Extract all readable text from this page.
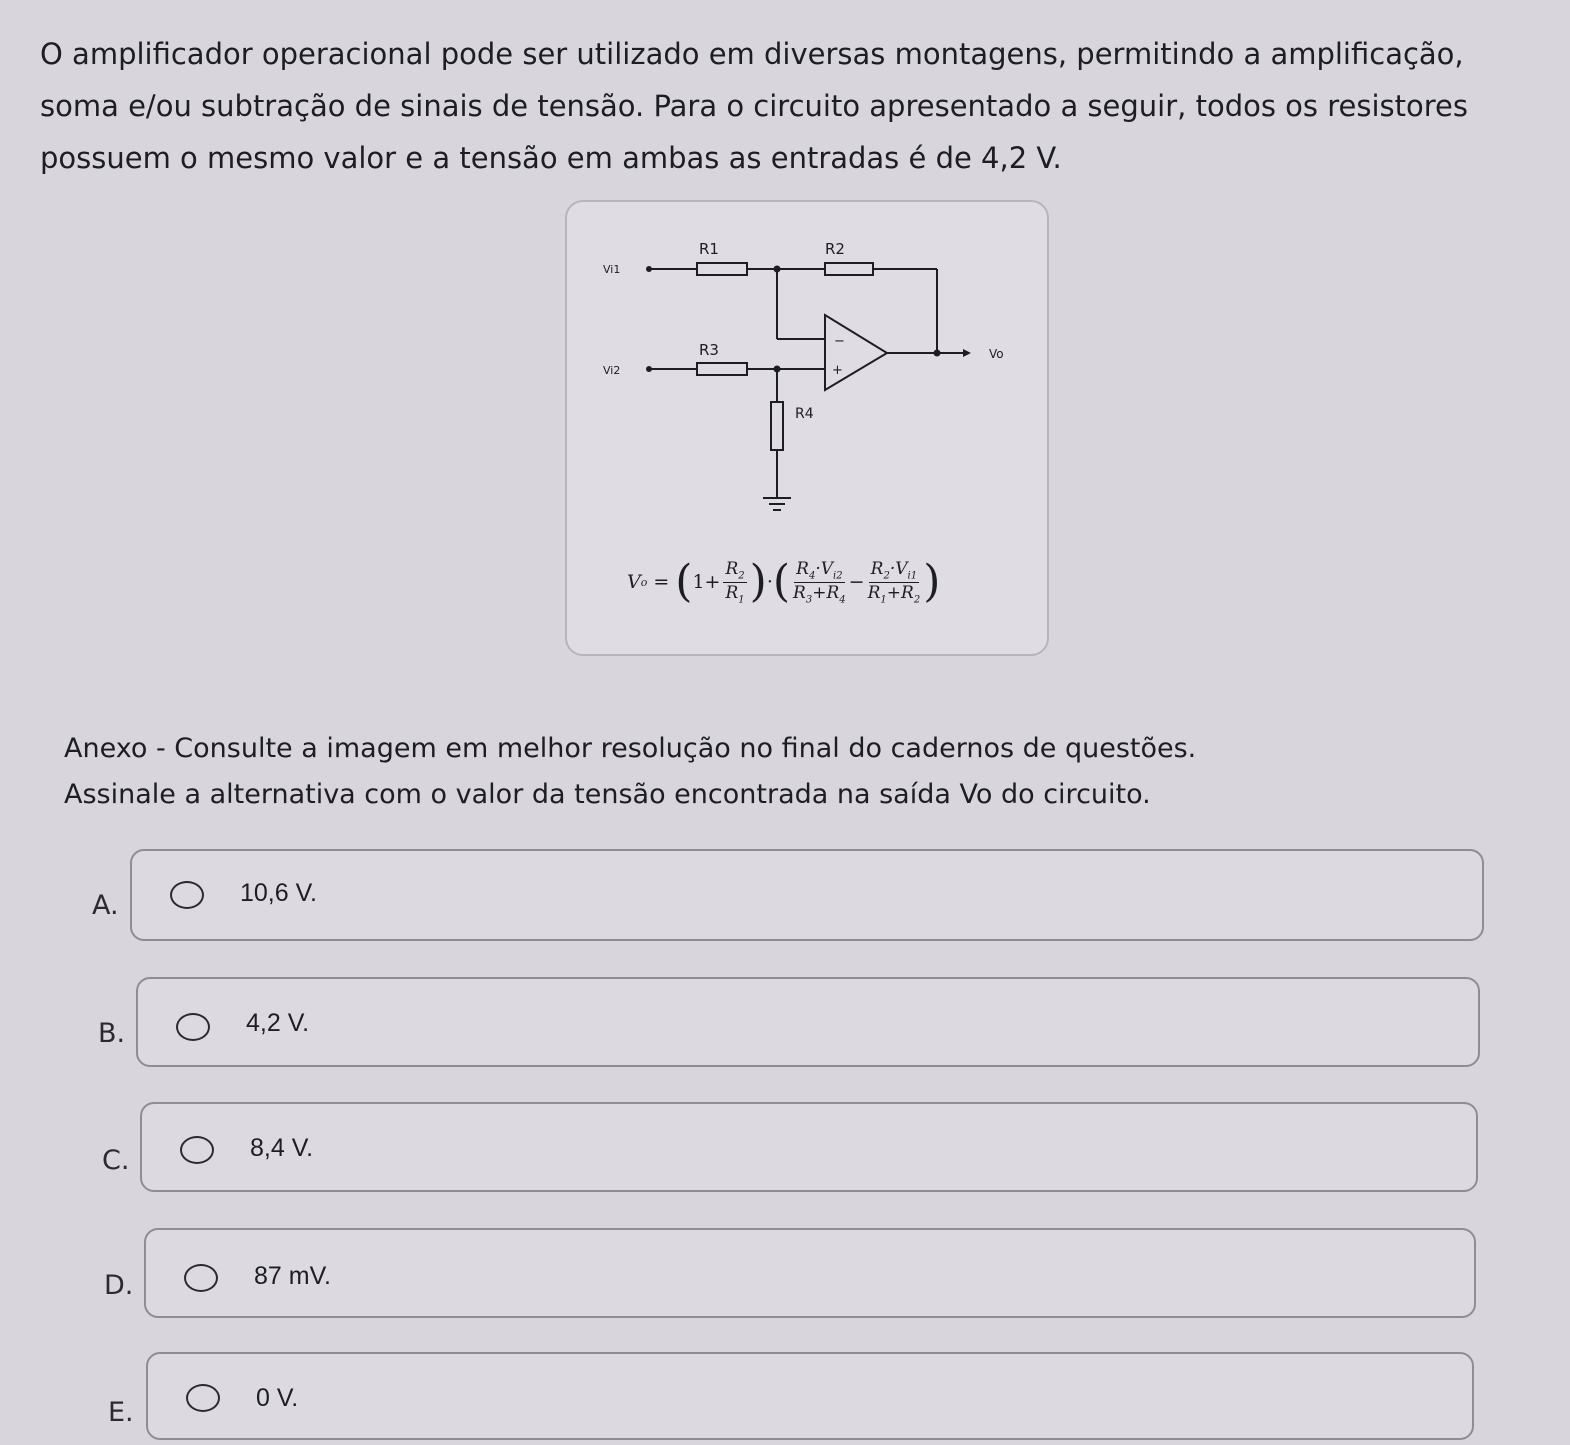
O amplificador operacional pode ser utilizado em diversas montagens, permitindo a amplificação, soma e/ou subtração de sinais de tensão. Para o circuito apresentado a seguir, todos os resistores possuem o mesmo valor e a tensão em ambas as entradas é de 4,2 V.

R1	R2
R3
R4
Vi1
Vi2
Vo
−
+
V o = ( $1+ \frac{R_2}{R_1}$ ) · ( $\frac{R_4\cdot V_{i2}}{R_3+R_4} - \frac{R_2\cdot V_{i1}}{R_1+R_2}$ )

Anexo - Consulte a imagem em melhor resolução no final do cadernos de questões.
Assinale a alternativa com o valor da tensão encontrada na saída Vo do circuito.

A.	10,6 V.
B.	4,2 V.
C.	8,4 V.
D.	87 mV.
E.	0 V.
